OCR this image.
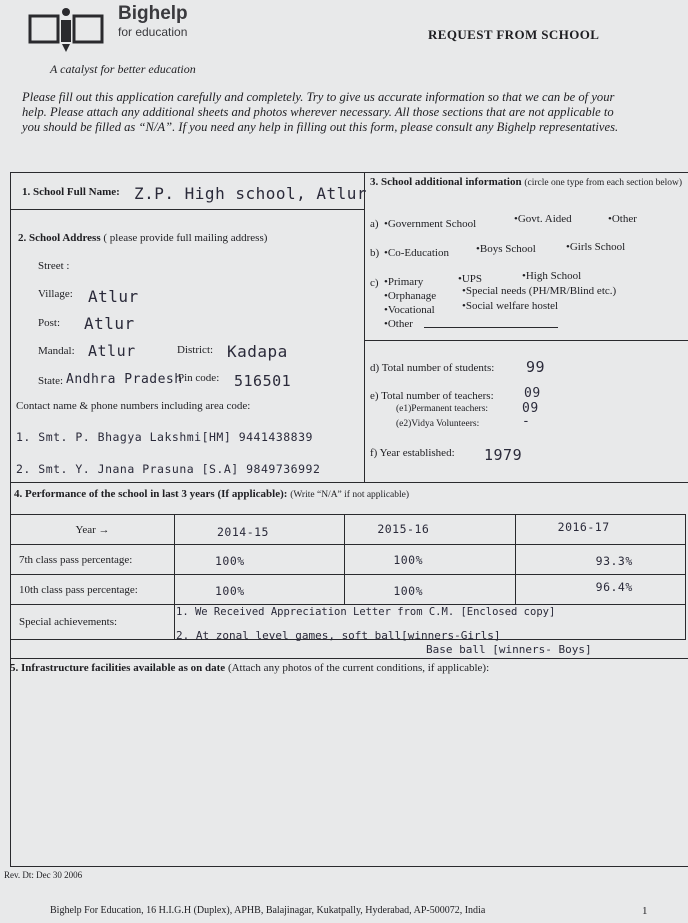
Bighelp
for education
A catalyst for better education
REQUEST FROM SCHOOL
Please fill out this application carefully and completely. Try to give us accurate information so that we can be of your help. Please attach any additional sheets and photos wherever necessary. All those sections that are not applicable to you should be filled as “N/A”. If you need any help in filling out this form, please consult any Bighelp representatives.
1. School Full Name: Z.P. High school, Atlur
2. School Address ( please provide full mailing address)
Street :
Village: Atlur
Post: Atlur
Mandal: Atlur	District: Kadapa
State: Andhra Pradesh
Pin code: 516501
Contact name & phone numbers including area code:
1. Smt. P. Bhagya Lakshmi[HM] 9441438839
2. Smt. Y. Jnana Prasuna [S.A] 9849736992
3. School additional information (circle one type from each section below)
a) •Government School	•Govt. Aided	•Other
b) •Co-Education •Boys School	•Girls School
c) •Primary	•UPS	•High School
•Orphanage •Special needs (PH/MR/Blind etc.)
•Vocational •Social welfare hostel
•Other
d) Total number of students: 99
e) Total number of teachers: 09
(e1)Permanent teachers:	09
(e2)Vidya Volunteers:	-
f) Year established: 1979
4. Performance of the school in last 3 years (If applicable): (Write “N/A” if not applicable)
Year →	2014-15	2015-16	2016-17

7th class pass percentage:	100%	100%	93.3%

10th class pass percentage:	100%	100%	96.4%

Special achievements:			
1. We Received Appreciation Letter from C.M. [Enclosed copy]
2. At zonal level games, soft ball[winners-Girls]
Base ball [winners- Boys]
5. Infrastructure facilities available as on date (Attach any photos of the current conditions, if applicable):
Rev. Dt: Dec 30 2006
Bighelp For Education, 16 H.I.G.H (Duplex), APHB, Balajinagar, Kukatpally, Hyderabad, AP-500072, India	1
